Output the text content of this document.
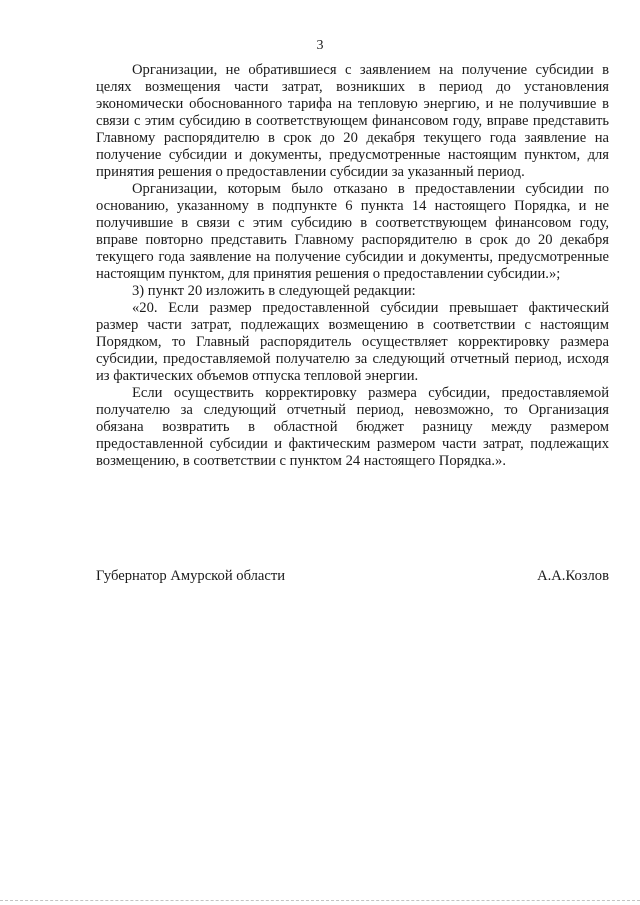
3

Организации, не обратившиеся с заявлением на получение субсидии в целях возмещения части затрат, возникших в период до установления экономически обоснованного тарифа на тепловую энергию, и не получившие в связи с этим субсидию в соответствующем финансовом году, вправе представить Главному распорядителю в срок до 20 декабря текущего года заявление на получение субсидии и документы, предусмотренные настоящим пунктом, для принятия решения о предоставлении субсидии за указанный период.

Организации, которым было отказано в предоставлении субсидии по основанию, указанному в подпункте 6 пункта 14 настоящего Порядка, и не получившие в связи с этим субсидию в соответствующем финансовом году, вправе повторно представить Главному распорядителю в срок до 20 декабря текущего года заявление на получение субсидии и документы, предусмотренные настоящим пунктом, для принятия решения о предоставлении субсидии.»;

3) пункт 20 изложить в следующей редакции:

«20. Если размер предоставленной субсидии превышает фактический размер части затрат, подлежащих возмещению в соответствии с настоящим Порядком, то Главный распорядитель осуществляет корректировку размера субсидии, предоставляемой получателю за следующий отчетный период, исходя из фактических объемов отпуска тепловой энергии.

Если осуществить корректировку размера субсидии, предоставляемой получателю за следующий отчетный период, невозможно, то Организация обязана возвратить в областной бюджет разницу между размером предоставленной субсидии и фактическим размером части затрат, подлежащих возмещению, в соответствии с пунктом 24 настоящего Порядка.».

Губернатор Амурской области	А.А.Козлов
